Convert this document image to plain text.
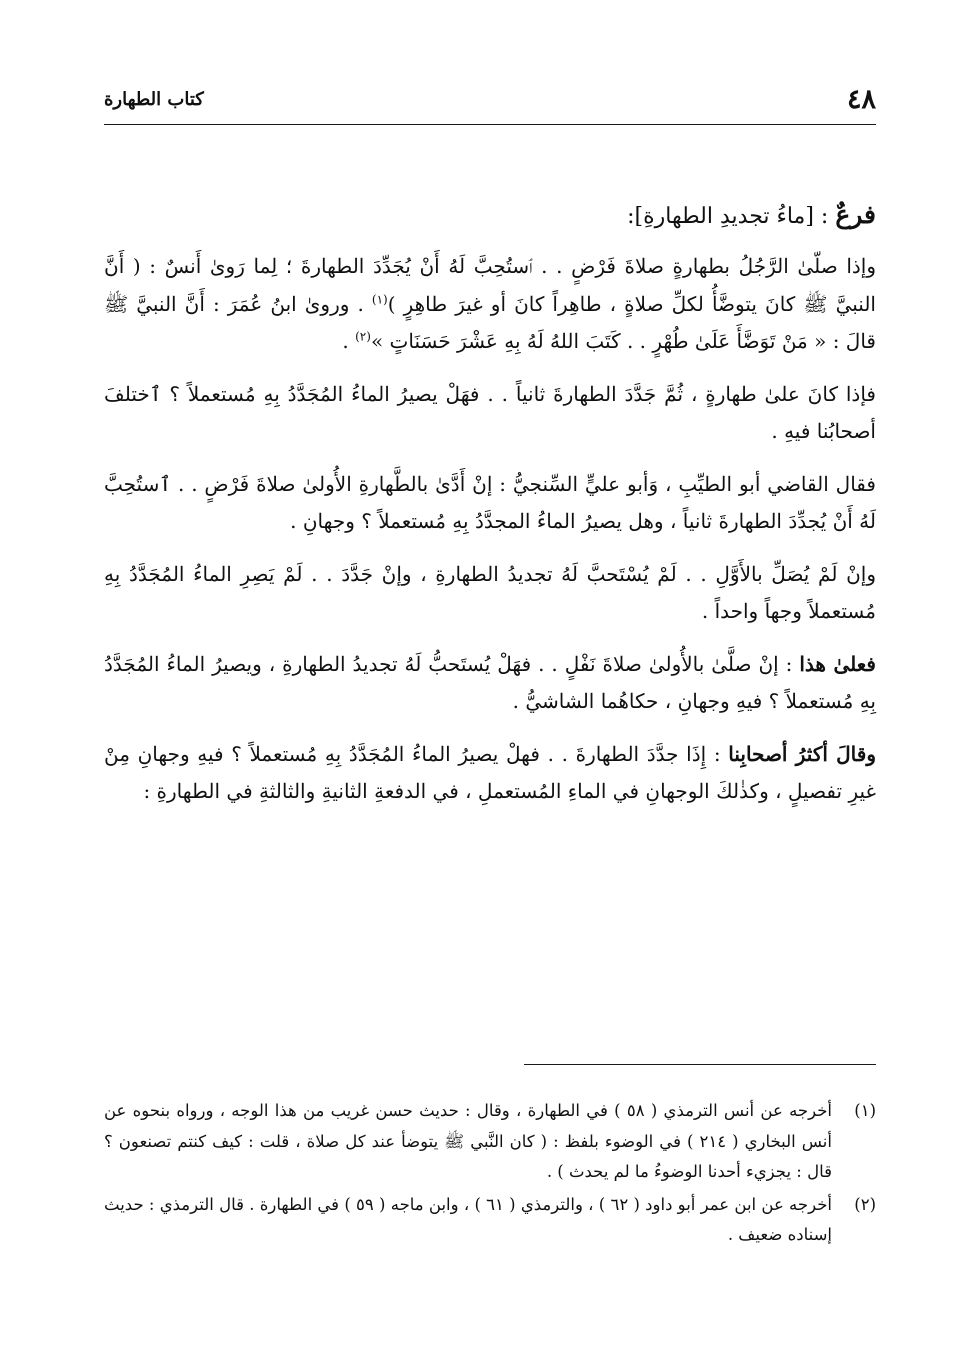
٤٨
كتاب الطهارة
فرعٌ : [ماءُ تجديدِ الطهارةِ]:

وإذا صلّىٰ الرَّجُلُ بطهارةٍ صلاةَ فَرْضٍ . . ٱستُحِبَّ لَهُ أَنْ يُجَدِّدَ الطهارةَ ؛ لِما رَوىٰ أَنسٌ : ( أَنَّ النبيَّ ﷺ كانَ يتوضَّأُ لكلِّ صلاةٍ ، طاهِراً كانَ أو غيرَ طاهِرٍ )$^{(١)}$ . وروىٰ ابنُ عُمَرَ : أَنَّ النبيَّ ﷺ قالَ : « مَنْ تَوَضَّأَ عَلَىٰ طُهْرٍ . . كَتَبَ اللهُ لَهُ بِهِ عَشْرَ حَسَنَاتٍ »$^{(٢)}$ .

فإذا كانَ علىٰ طهارةٍ ، ثُمَّ جَدَّدَ الطهارةَ ثانياً . . فهَلْ يصيرُ الماءُ المُجَدَّدُ بِهِ مُستعملاً ؟ ٱختلفَ أصحابُنا فيهِ .

فقال القاضي أبو الطيِّبِ ، وَأبو عليٍّ السِّنجيُّ : إنْ أَدَّىٰ بالطَّهارةِ الأُولىٰ صلاةَ فَرْضٍ . . ٱستُحِبَّ لَهُ أَنْ يُجدِّدَ الطهارةَ ثانياً ، وهل يصيرُ الماءُ المجدَّدُ بِهِ مُستعملاً ؟ وجهانِ .

وإنْ لَمْ يُصَلِّ بالأَوَّلِ . . لَمْ يُسْتَحبَّ لَهُ تجديدُ الطهارةِ ، وإنْ جَدَّدَ . . لَمْ يَصِرِ الماءُ المُجَدَّدُ بِهِ مُستعملاً وجهاً واحداً .

فعلىٰ هذا : إنْ صلَّىٰ بالأُولىٰ صلاةَ نَفْلٍ . . فهَلْ يُستَحبُّ لَهُ تجديدُ الطهارةِ ، ويصيرُ الماءُ المُجَدَّدُ بِهِ مُستعملاً ؟ فيهِ وجهانِ ، حكاهُما الشاشيُّ .

وقالَ أكثرُ أصحابِنا : إِذَا جدَّدَ الطهارةَ . . فهلْ يصيرُ الماءُ المُجَدَّدُ بِهِ مُستعملاً ؟ فيهِ وجهانِ مِنْ غيرِ تفصيلٍ ، وكذٰلكَ الوجهانِ في الماءِ المُستعملِ ، في الدفعةِ الثانيةِ والثالثةِ في الطهارةِ :

(١)
أخرجه عن أنس الترمذي ( ٥٨ ) في الطهارة ، وقال : حديث حسن غريب من هذا الوجه ، ورواه بنحوه عن أنس البخاري ( ٢١٤ ) في الوضوء بلفظ : ( كان النَّبي ﷺ يتوضأ عند كل صلاة ، قلت : كيف كنتم تصنعون ؟ قال : يجزيء أحدنا الوضوءُ ما لم يحدث ) .
(٢)
أخرجه عن ابن عمر أبو داود ( ٦٢ ) ، والترمذي ( ٦١ ) ، وابن ماجه ( ٥٩ ) في الطهارة . قال الترمذي : حديث إسناده ضعيف .
